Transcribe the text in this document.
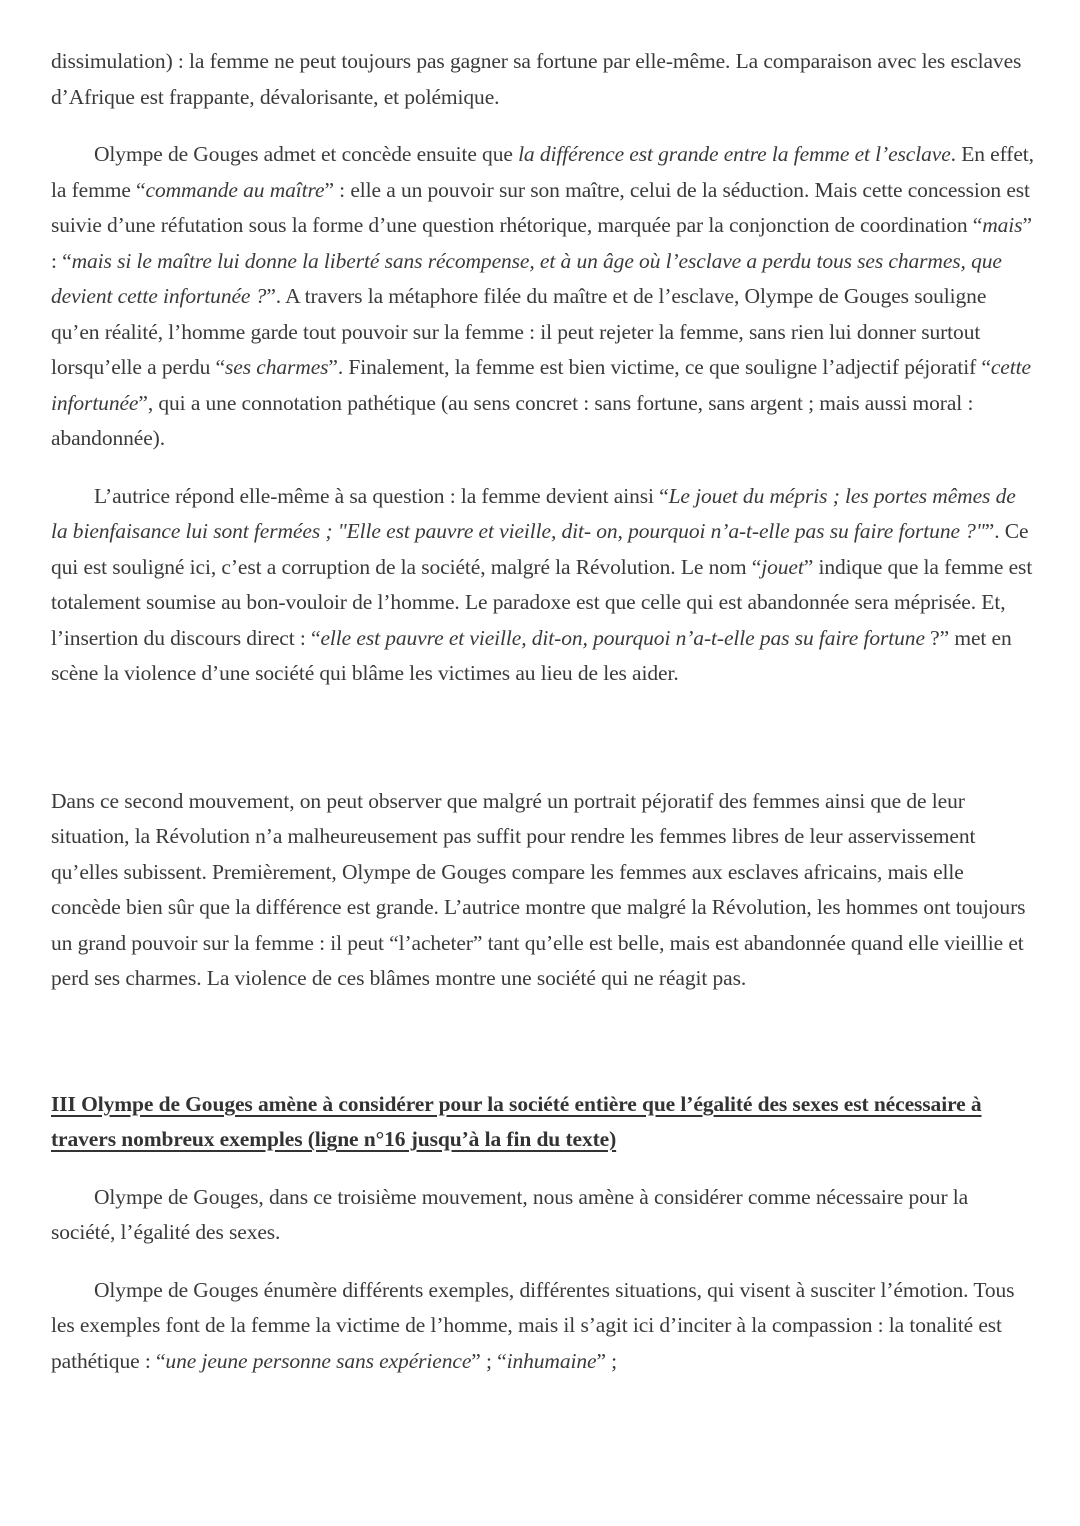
dissimulation) : la femme ne peut toujours pas gagner sa fortune par elle-même. La comparaison avec les esclaves d’Afrique est frappante, dévalorisante, et polémique.

Olympe de Gouges admet et concède ensuite que la différence est grande entre la femme et l’esclave. En effet, la femme “commande au maître” : elle a un pouvoir sur son maître, celui de la séduction. Mais cette concession est suivie d’une réfutation sous la forme d’une question rhétorique, marquée par la conjonction de coordination “mais” : “mais si le maître lui donne la liberté sans récompense, et à un âge où l’esclave a perdu tous ses charmes, que devient cette infortunée ?”. A travers la métaphore filée du maître et de l’esclave, Olympe de Gouges souligne qu’en réalité, l’homme garde tout pouvoir sur la femme : il peut rejeter la femme, sans rien lui donner surtout lorsqu’elle a perdu “ses charmes”. Finalement, la femme est bien victime, ce que souligne l’adjectif péjoratif “cette infortunée”, qui a une connotation pathétique (au sens concret : sans fortune, sans argent ; mais aussi moral : abandonnée).

L’autrice répond elle-même à sa question : la femme devient ainsi “Le jouet du mépris ; les portes mêmes de la bienfaisance lui sont fermées ; "Elle est pauvre et vieille, dit- on, pourquoi n’a-t-elle pas su faire fortune ?"”. Ce qui est souligné ici, c’est a corruption de la société, malgré la Révolution. Le nom “jouet” indique que la femme est totalement soumise au bon-vouloir de l’homme. Le paradoxe est que celle qui est abandonnée sera méprisée. Et, l’insertion du discours direct : “elle est pauvre et vieille, dit-on, pourquoi n’a-t-elle pas su faire fortune ?” met en scène la violence d’une société qui blâme les victimes au lieu de les aider.

Dans ce second mouvement, on peut observer que malgré un portrait péjoratif des femmes ainsi que de leur situation, la Révolution n’a malheureusement pas suffit pour rendre les femmes libres de leur asservissement qu’elles subissent. Premièrement, Olympe de Gouges compare les femmes aux esclaves africains, mais elle concède bien sûr que la différence est grande. L’autrice montre que malgré la Révolution, les hommes ont toujours un grand pouvoir sur la femme : il peut “l’acheter” tant qu’elle est belle, mais est abandonnée quand elle vieillie et perd ses charmes. La violence de ces blâmes montre une société qui ne réagit pas.

III Olympe de Gouges amène à considérer pour la société entière que l’égalité des sexes est nécessaire à travers nombreux exemples (ligne n°16 jusqu’à la fin du texte)

Olympe de Gouges, dans ce troisième mouvement, nous amène à considérer comme nécessaire pour la société, l’égalité des sexes.

Olympe de Gouges énumère différents exemples, différentes situations, qui visent à susciter l’émotion. Tous les exemples font de la femme la victime de l’homme, mais il s’agit ici d’inciter à la compassion : la tonalité est pathétique : “une jeune personne sans expérience” ; “inhumaine” ;
